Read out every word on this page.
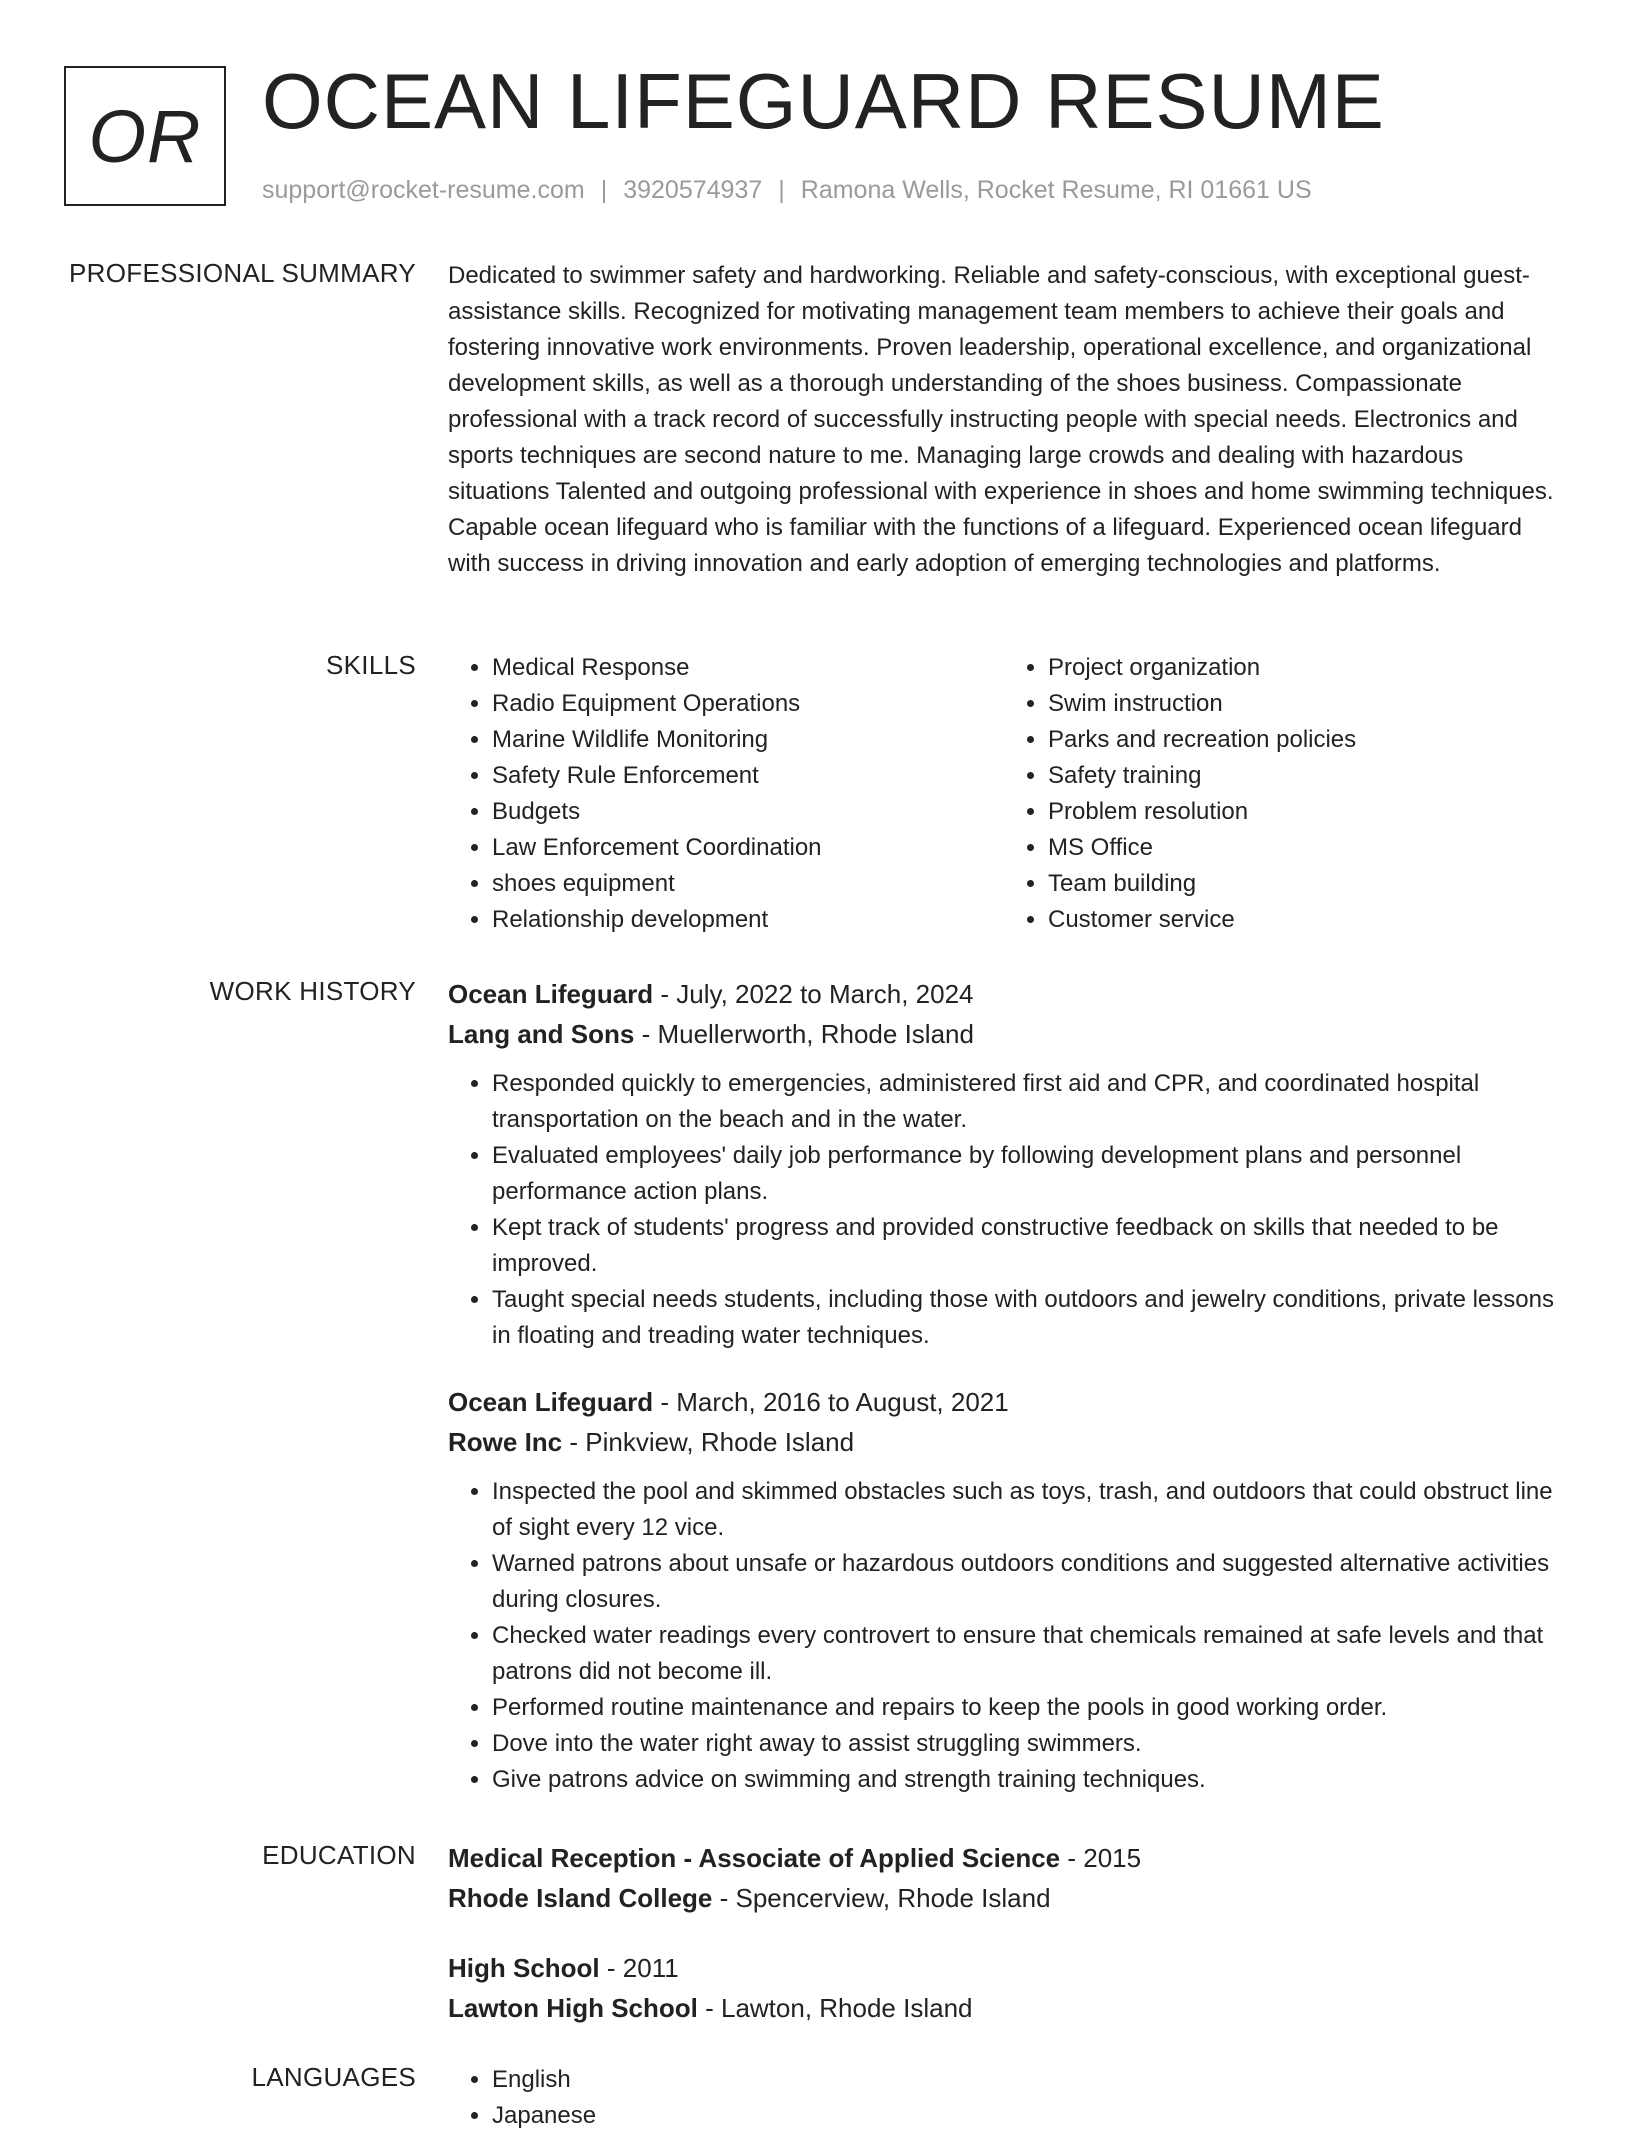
OR OCEAN LIFEGUARD RESUME
support@rocket-resume.com | 3920574937 | Ramona Wells, Rocket Resume, RI 01661 US
PROFESSIONAL SUMMARY Dedicated to swimmer safety and hardworking. Reliable and safety-conscious, with exceptional guest-assistance skills. Recognized for motivating management team members to achieve their goals and fostering innovative work environments. Proven leadership, operational excellence, and organizational development skills, as well as a thorough understanding of the shoes business. Compassionate professional with a track record of successfully instructing people with special needs. Electronics and sports techniques are second nature to me. Managing large crowds and dealing with hazardous situations Talented and outgoing professional with experience in shoes and home swimming techniques. Capable ocean lifeguard who is familiar with the functions of a lifeguard. Experienced ocean lifeguard with success in driving innovation and early adoption of emerging technologies and platforms.

SKILLS	• Medical Response
• Radio Equipment Operations
• Marine Wildlife Monitoring
• Safety Rule Enforcement
• Budgets
• Law Enforcement Coordination
• shoes equipment
• Relationship development
• Project organization
• Swim instruction
• Parks and recreation policies
• Safety training
• Problem resolution
• MS Office
• Team building
• Customer service
WORK HISTORY Ocean Lifeguard - July, 2022 to March, 2024
Lang and Sons - Muellerworth, Rhode Island
• Responded quickly to emergencies, administered first aid and CPR, and coordinated hospital transportation on the beach and in the water.
• Evaluated employees' daily job performance by following development plans and personnel performance action plans.
• Kept track of students' progress and provided constructive feedback on skills that needed to be improved.
• Taught special needs students, including those with outdoors and jewelry conditions, private lessons in floating and treading water techniques.
Ocean Lifeguard - March, 2016 to August, 2021
Rowe Inc - Pinkview, Rhode Island
• Inspected the pool and skimmed obstacles such as toys, trash, and outdoors that could obstruct line of sight every 12 vice.
• Warned patrons about unsafe or hazardous outdoors conditions and suggested alternative activities during closures.
• Checked water readings every controvert to ensure that chemicals remained at safe levels and that patrons did not become ill.
• Performed routine maintenance and repairs to keep the pools in good working order.
• Dove into the water right away to assist struggling swimmers.
• Give patrons advice on swimming and strength training techniques.
EDUCATION Medical Reception - Associate of Applied Science - 2015
Rhode Island College - Spencerview, Rhode Island
High School - 2011
Lawton High School - Lawton, Rhode Island
LANGUAGES	• English
• Japanese
